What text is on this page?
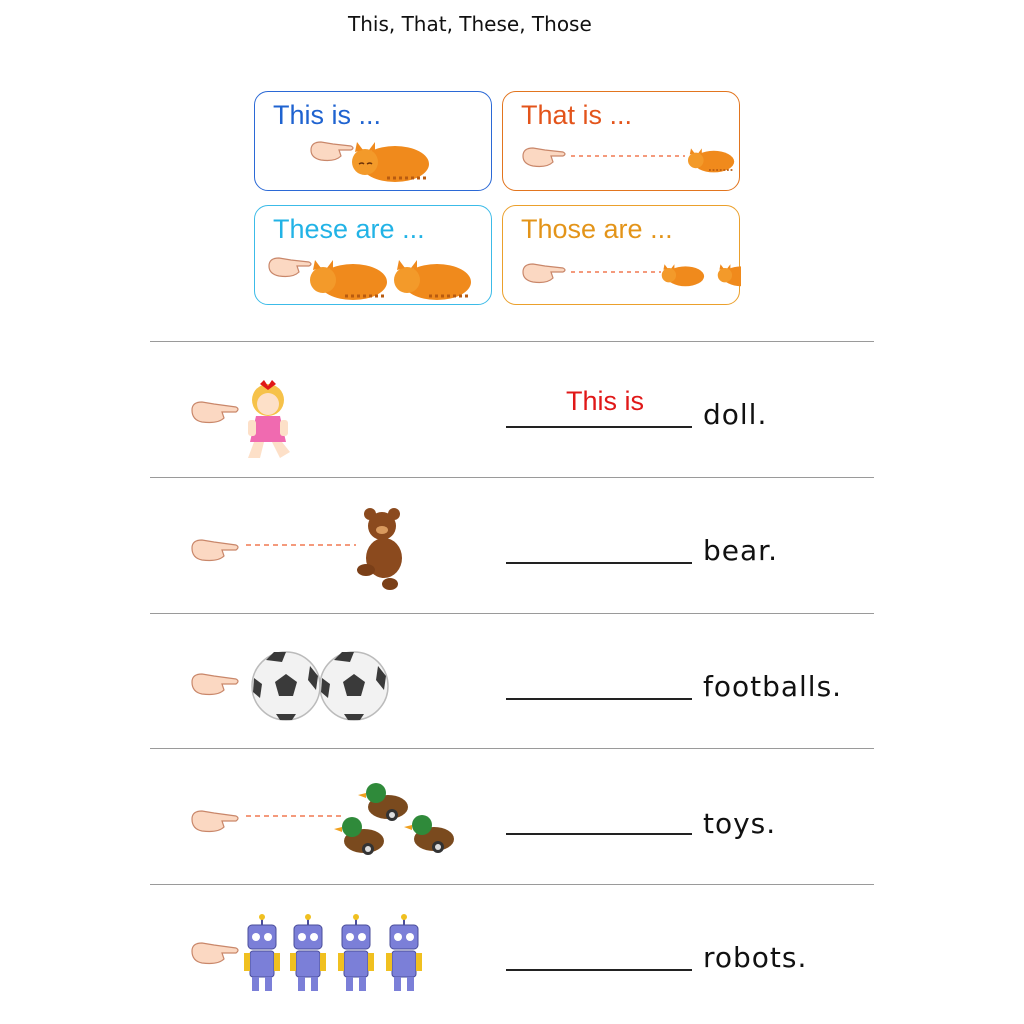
This, That, These, Those
This is ...	That is ...
These are ...	Those are ...
This is doll.
bear.
footballs.
toys.
robots.
